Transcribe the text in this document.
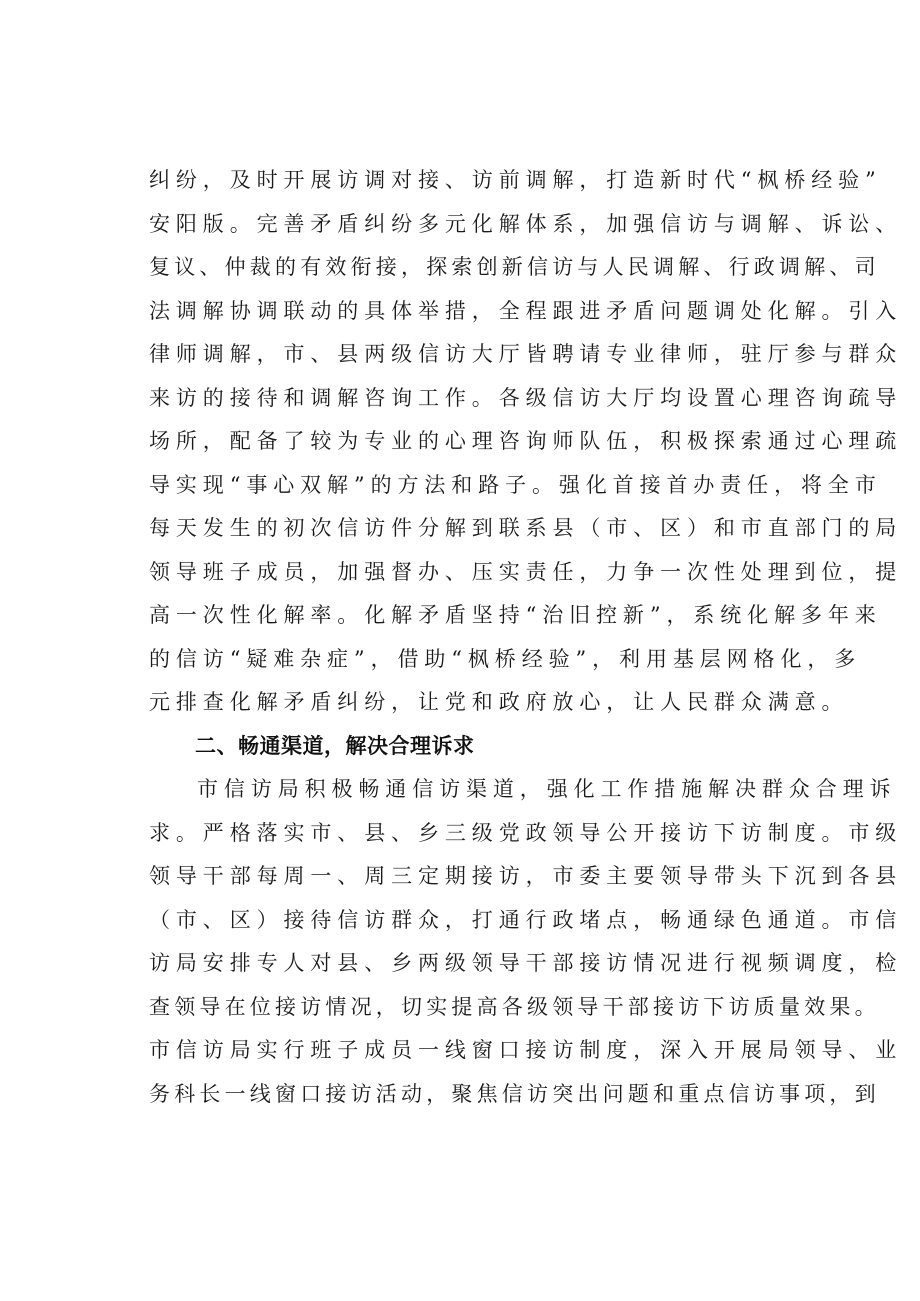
纠纷，及时开展访调对接、访前调解，打造新时代“枫桥经验”
安阳版。完善矛盾纠纷多元化解体系，加强信访与调解、诉讼、
复议、仲裁的有效衔接，探索创新信访与人民调解、行政调解、司
法调解协调联动的具体举措，全程跟进矛盾问题调处化解。引入
律师调解，市、县两级信访大厅皆聘请专业律师，驻厅参与群众
来访的接待和调解咨询工作。各级信访大厅均设置心理咨询疏导
场所，配备了较为专业的心理咨询师队伍，积极探索通过心理疏
导实现“事心双解”的方法和路子。强化首接首办责任，将全市
每天发生的初次信访件分解到联系县（市、区）和市直部门的局
领导班子成员，加强督办、压实责任，力争一次性处理到位，提
高一次性化解率。化解矛盾坚持“治旧控新”，系统化解多年来
的信访“疑难杂症”，借助“枫桥经验”，利用基层网格化，多
元排查化解矛盾纠纷，让党和政府放心，让人民群众满意。
二、畅通渠道，解决合理诉求
市信访局积极畅通信访渠道，强化工作措施解决群众合理诉
求。严格落实市、县、乡三级党政领导公开接访下访制度。市级
领导干部每周一、周三定期接访，市委主要领导带头下沉到各县
（市、区）接待信访群众，打通行政堵点，畅通绿色通道。市信
访局安排专人对县、乡两级领导干部接访情况进行视频调度，检
查领导在位接访情况，切实提高各级领导干部接访下访质量效果。
市信访局实行班子成员一线窗口接访制度，深入开展局领导、业
务科长一线窗口接访活动，聚焦信访突出问题和重点信访事项，到
